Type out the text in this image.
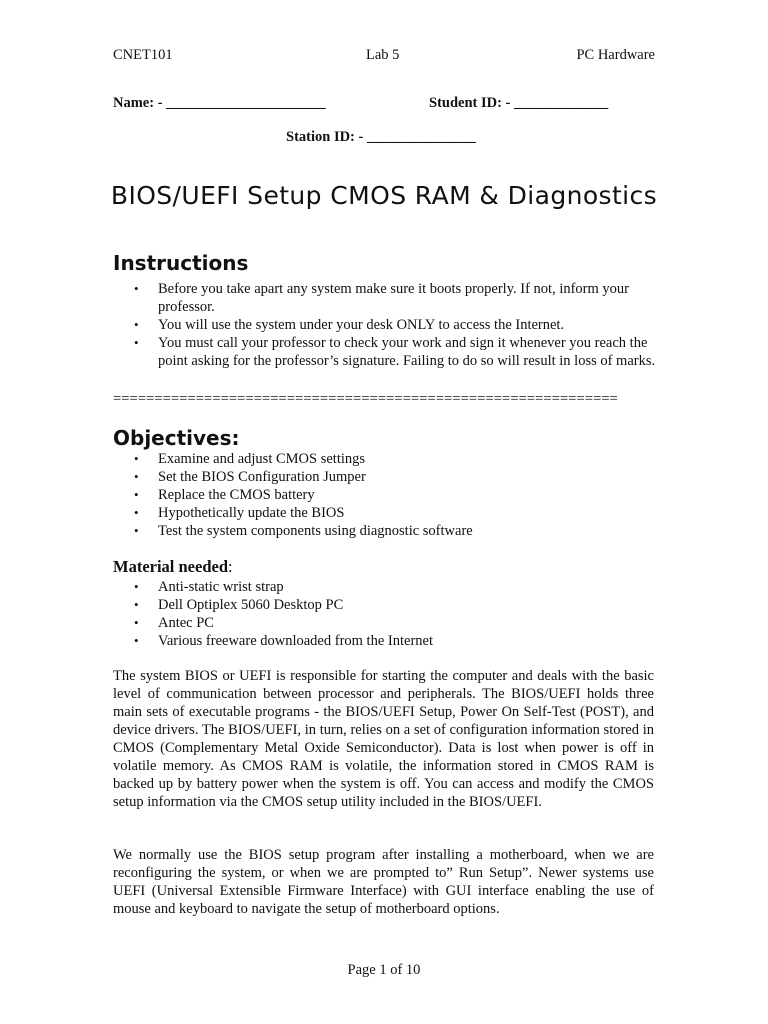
CNET101	Lab 5	PC Hardware
Name: - ______________________	Student ID: - _____________
Station ID: - _______________
BIOS/UEFI Setup CMOS RAM & Diagnostics
Instructions
• Before you take apart any system make sure it boots properly. If not, inform your professor.
• You will use the system under your desk ONLY to access the Internet.
• You must call your professor to check your work and sign it whenever you reach the point asking for the professor’s signature. Failing to do so will result in loss of marks.
=============================================================
Objectives:
• Examine and adjust CMOS settings
• Set the BIOS Configuration Jumper
• Replace the CMOS battery
• Hypothetically update the BIOS
• Test the system components using diagnostic software
Material needed:
• Anti-static wrist strap
• Dell Optiplex 5060 Desktop PC
• Antec PC
• Various freeware downloaded from the Internet
The system BIOS or UEFI is responsible for starting the computer and deals with the basic level of communication between processor and peripherals. The BIOS/UEFI holds three main sets of executable programs - the BIOS/UEFI Setup, Power On Self-Test (POST), and device drivers. The BIOS/UEFI, in turn, relies on a set of configuration information stored in CMOS (Complementary Metal Oxide Semiconductor). Data is lost when power is off in volatile memory. As CMOS RAM is volatile, the information stored in CMOS RAM is backed up by battery power when the system is off. You can access and modify the CMOS setup information via the CMOS setup utility included in the BIOS/UEFI.
We normally use the BIOS setup program after installing a motherboard, when we are reconfiguring the system, or when we are prompted to” Run Setup”. Newer systems use UEFI (Universal Extensible Firmware Interface) with GUI interface enabling the use of mouse and keyboard to navigate the setup of motherboard options.
Page 1 of 10
